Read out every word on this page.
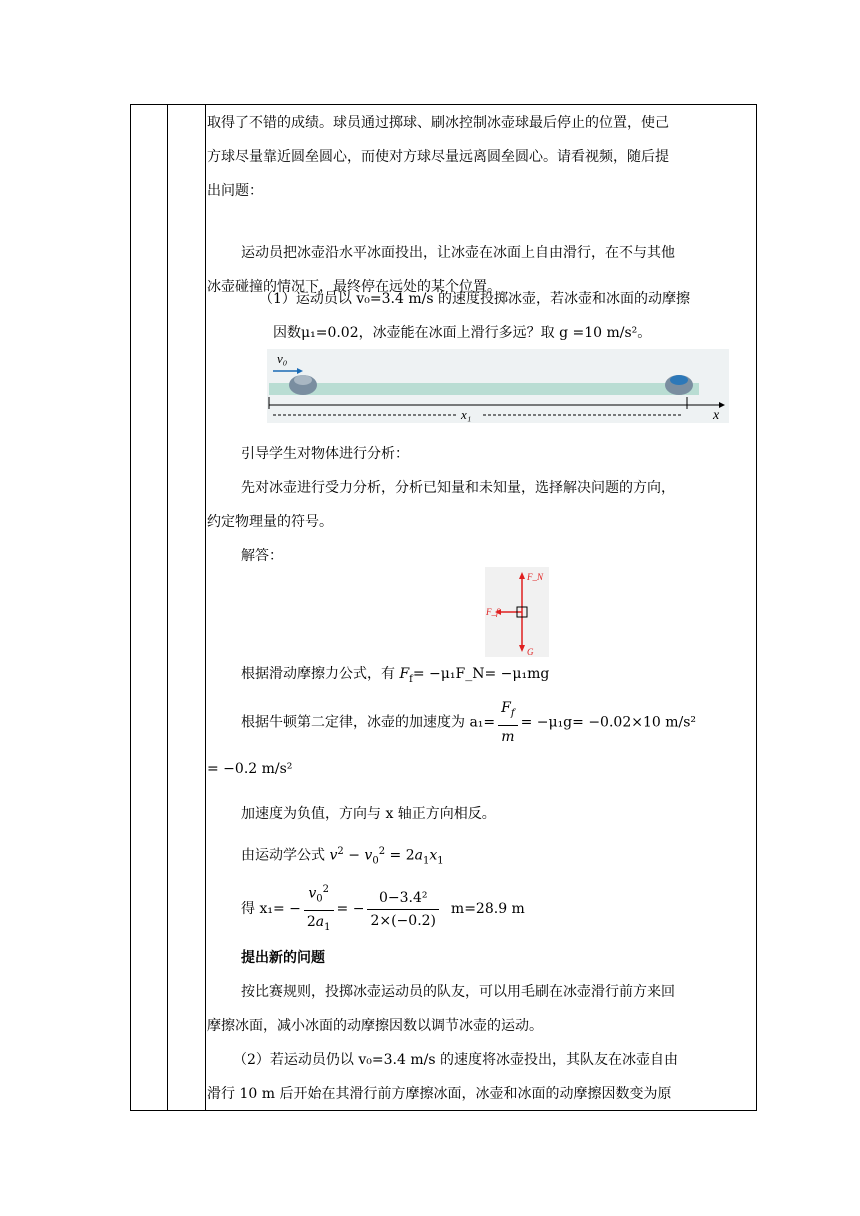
取得了不错的成绩。球员通过掷球、刷冰控制冰壶球最后停止的位置，使己
方球尽量靠近圆垒圆心，而使对方球尽量远离圆垒圆心。请看视频，随后提
出问题：
运动员把冰壶沿水平冰面投出，让冰壶在冰面上自由滑行，在不与其他
冰壶碰撞的情况下，最终停在远处的某个位置。
（1）运动员以 v₀=3.4 m/s 的速度投掷冰壶，若冰壶和冰面的动摩擦
因数μ₁=0.02，冰壶能在冰面上滑行多远？取 g =10 m/s²。
v₀
x
x₁
引导学生对物体进行分析：
先对冰壶进行受力分析，分析已知量和未知量，选择解决问题的方向，
约定物理量的符号。
解答：
F_N
F_f
G
根据滑动摩擦力公式，有 $F_f=$ −μ₁F_N= −μ₁mg
根据牛顿第二定律，冰壶的加速度为 $a_1= \frac{F_f}{m} = -\mu_1g= -0.02\times 10$ m/s²
= −0.2 m/s²
加速度为负值，方向与 x 轴正方向相反。
由运动学公式 $v^2 - v_0^2 = 2a_1x_1$
得 $x_1= - \frac{v_0^2}{2a_1}$ = − $\frac{\text{0−3.4²}}{2\times(-0.2)} m=28.9$ m
提出新的问题
按比赛规则，投掷冰壶运动员的队友，可以用毛刷在冰壶滑行前方来回
摩擦冰面，减小冰面的动摩擦因数以调节冰壶的运动。
（2）若运动员仍以 v₀=3.4 m/s 的速度将冰壶投出，其队友在冰壶自由
滑行 10 m 后开始在其滑行前方摩擦冰面，冰壶和冰面的动摩擦因数变为原
